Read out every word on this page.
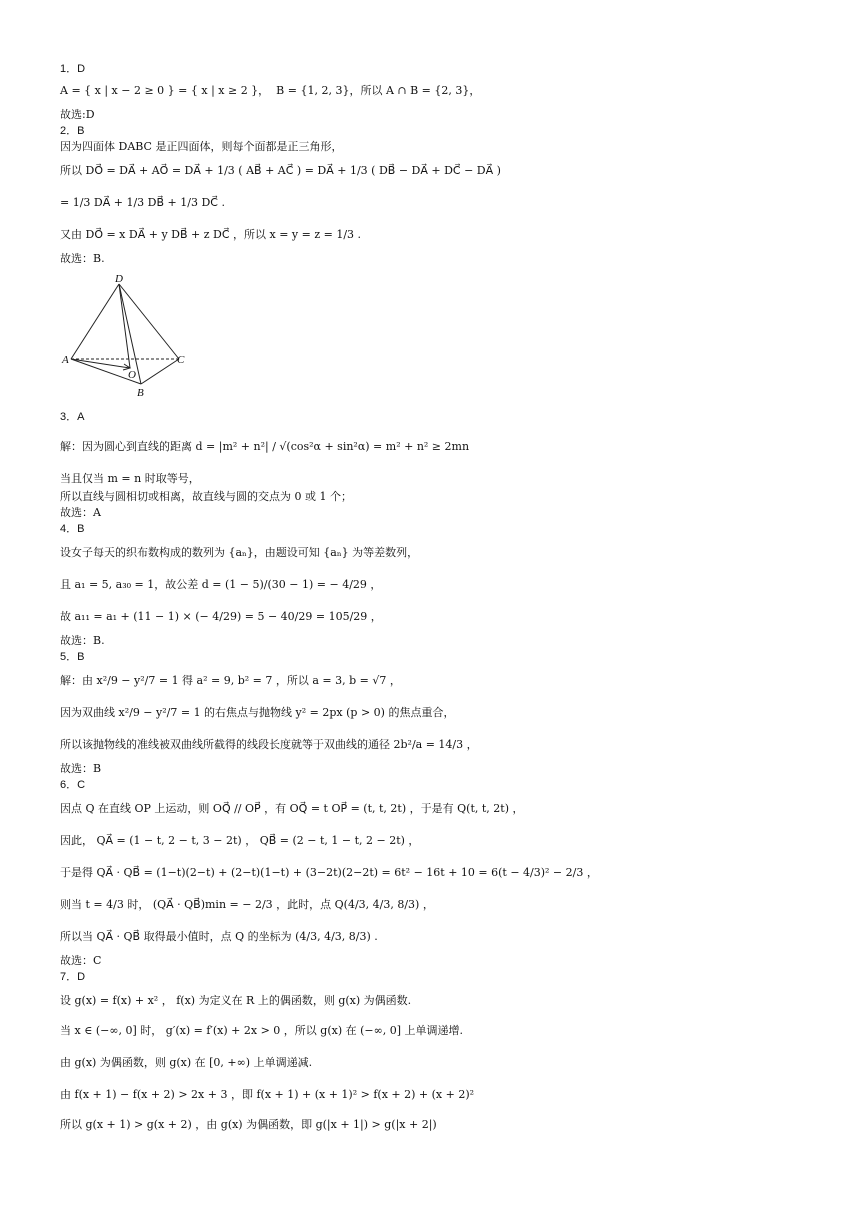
1．D
A = { x | x − 2 ≥ 0 } = { x | x ≥ 2 }，  B = {1, 2, 3}，所以 A ∩ B = {2, 3}，
故选:D
2．B
因为四面体 DABC 是正四面体，则每个面都是正三角形，
所以 DO⃗ = DA⃗ + AO⃗ = DA⃗ + 1/3 ( AB⃗ + AC⃗ ) = DA⃗ + 1/3 ( DB⃗ − DA⃗ + DC⃗ − DA⃗ )
= 1/3 DA⃗ + 1/3 DB⃗ + 1/3 DC⃗ .
又由 DO⃗ = x DA⃗ + y DB⃗ + z DC⃗ ，所以 x = y = z = 1/3 .
故选：B.
3．A
解：因为圆心到直线的距离 d = |m² + n²| / √(cos²α + sin²α) = m² + n² ≥ 2mn
当且仅当 m = n 时取等号，
所以直线与圆相切或相离，故直线与圆的交点为 0 或 1 个；
故选：A
4．B
设女子每天的织布数构成的数列为 {aₙ}，由题设可知 {aₙ} 为等差数列，
且 a₁ = 5, a₃₀ = 1，故公差 d = (1 − 5)/(30 − 1) = − 4/29 ，
故 a₁₁ = a₁ + (11 − 1) × (− 4/29) = 5 − 40/29 = 105/29 ，
故选：B.
5．B
解：由 x²/9 − y²/7 = 1 得 a² = 9, b² = 7 ，所以 a = 3, b = √7 ，
因为双曲线 x²/9 − y²/7 = 1 的右焦点与抛物线 y² = 2px (p > 0) 的焦点重合，
所以该抛物线的准线被双曲线所截得的线段长度就等于双曲线的通径 2b²/a = 14/3 ，
故选：B
6．C
因点 Q 在直线 OP 上运动，则 OQ⃗ // OP⃗ ，有 OQ⃗ = t OP⃗ = (t, t, 2t) ，于是有 Q(t, t, 2t) ，
因此， QA⃗ = (1 − t, 2 − t, 3 − 2t) ， QB⃗ = (2 − t, 1 − t, 2 − 2t) ，
于是得 QA⃗ · QB⃗ = (1−t)(2−t) + (2−t)(1−t) + (3−2t)(2−2t) = 6t² − 16t + 10 = 6(t − 4/3)² − 2/3 ，
则当 t = 4/3 时， (QA⃗ · QB⃗)min = − 2/3 ，此时，点 Q(4/3, 4/3, 8/3) ，
所以当 QA⃗ · QB⃗ 取得最小值时，点 Q 的坐标为 (4/3, 4/3, 8/3) .
故选：C
7．D
设 g(x) = f(x) + x² ， f(x) 为定义在 R 上的偶函数，则 g(x) 为偶函数.
当 x ∈ (−∞, 0] 时， g′(x) = f′(x) + 2x > 0 ，所以 g(x) 在 (−∞, 0] 上单调递增.
由 g(x) 为偶函数，则 g(x) 在 [0, +∞) 上单调递减.
由 f(x + 1) − f(x + 2) > 2x + 3 ，即 f(x + 1) + (x + 1)² > f(x + 2) + (x + 2)²
所以 g(x + 1) > g(x + 2) ，由 g(x) 为偶函数，即 g(|x + 1|) > g(|x + 2|)
D
A	C
O
B
